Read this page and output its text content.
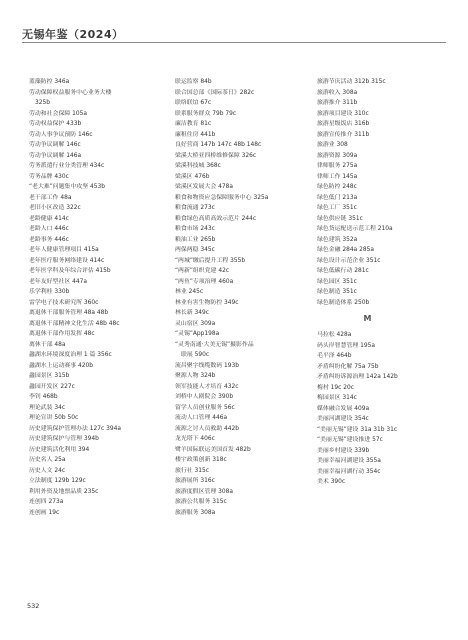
无锡年鉴（2024）
蓝藻防控 346a
劳动保障权益服务中心业务大楼
325b
劳动和社会保障 105a
劳动权益保护 433b
劳动人事争议预防 146c
劳动争议调解 146c
劳动争议调解 146a
劳务派遣行业分类管理 434c
劳务品牌 430c
“老大难”问题集中攻坚 453b
老干部工作 48a
老旧小区改造 322c
老龄健康 414c
老龄人口 446c
老龄事务 446c
老年人健康管理项目 415a
老年医疗服务网络建设 414c
老年医学科及年综合评估 415b
老年友好型社区 447a
乐学利桂 330b
雷学电子技术研究所 360c
离退休干部服务管理 48a 48b
离退休干部精神文化生活 48b 48c
离退休干部作用发挥 48c
离休干部 48a
蠡湖水环境深度治理 1 篇 356c
蠡湖水上运动赛事 420b
蠡园景区 315b
蠡园开发区 227c
李钊 468b
理论武装 34c
理论宣讲 50b 50c
历史建筑保护管理办法 127c 394a
历史建筑保护与管理 394b
历史建筑活化利用 394
历史名人 25a
历史人文 24c
立法制度 129b 129c
利用外资及地票品质 235c
连创四 273a
连创画 19c
联运监察 84b
联合国总部《国际茶日》282c
联络联谊 67c
联系服务群众 79b 79c
廉洁教育 81c
廉租住房 441b
良好营商 147b 147c 48b 148c
梁溪大桥亚四桥维修保障 326c
梁溪科技城 368c
梁溪区 476b
梁溪区发展大会 478a
粮食和物资应急保障服务中心 325a
粮食流通 273c
粮食绿色高质高效示范片 244c
粮食市场 243c
粮油工业 265b
两保两稳 345c
“两城”缴后提升工程 355b
“两新”组织党建 42c
“两鱼”专项治理 460a
林业 245c
林业有害生物防控 349c
林长新 349c
灵山宿区 309a
“灵锡”App198a
“灵秀南通·大美无锡”摄影作品
联展 590c
流昌聚字线缆数码 193b
聚源人物 324b
领军技能人才培育 432c
刘桥中人剧院会 390b
留学人员创业服务 56c
流动人口管理 446a
流源之讨人员救助 442b
龙光塔下 406c
鹭羊国际联运美国首发 482b
楼宇政策创新 318c
旅行社 315c
旅游展所 316c
旅游度假区管理 308a
旅游公共服务 315c
旅游服务 308a
旅游节庆活动 312b 315c
旅游收入 308a
旅游推介 311b
旅游项目建设 310c
旅游星级饭店 316b
旅游宣传推介 311b
旅游业 308
旅游资源 309a
律师服务 275a
律师工作 145a
绿色防控 248c
绿色低门 213a
绿色工厂 351c
绿色供应链 351c
绿色货运配送示范工程 210a
绿色建筑 352a
绿色金融 284a 285a
绿色设计示范企业 351c
绿色低碳行动 281c
绿色园区 351c
绿色制造 351c
绿色制造体系 250b
M
马拉松 428a
码头岸智慧管理 195a
毛平泽 464b
矛盾纠纷化解 75a 75b
矛盾纠纷诉源治理 142a 142b
梅村 19c 20c
梅园景区 314c
媒体融合发展 409a
美丽河湖建设 354c
“美丽无锡”建设 31a 31b 31c
“美丽无锡”建设推进 57c
美丽乡村建设 339b
美丽幸福河湖建设 355a
美丽幸福河湖行动 354c
美术 390c
532
